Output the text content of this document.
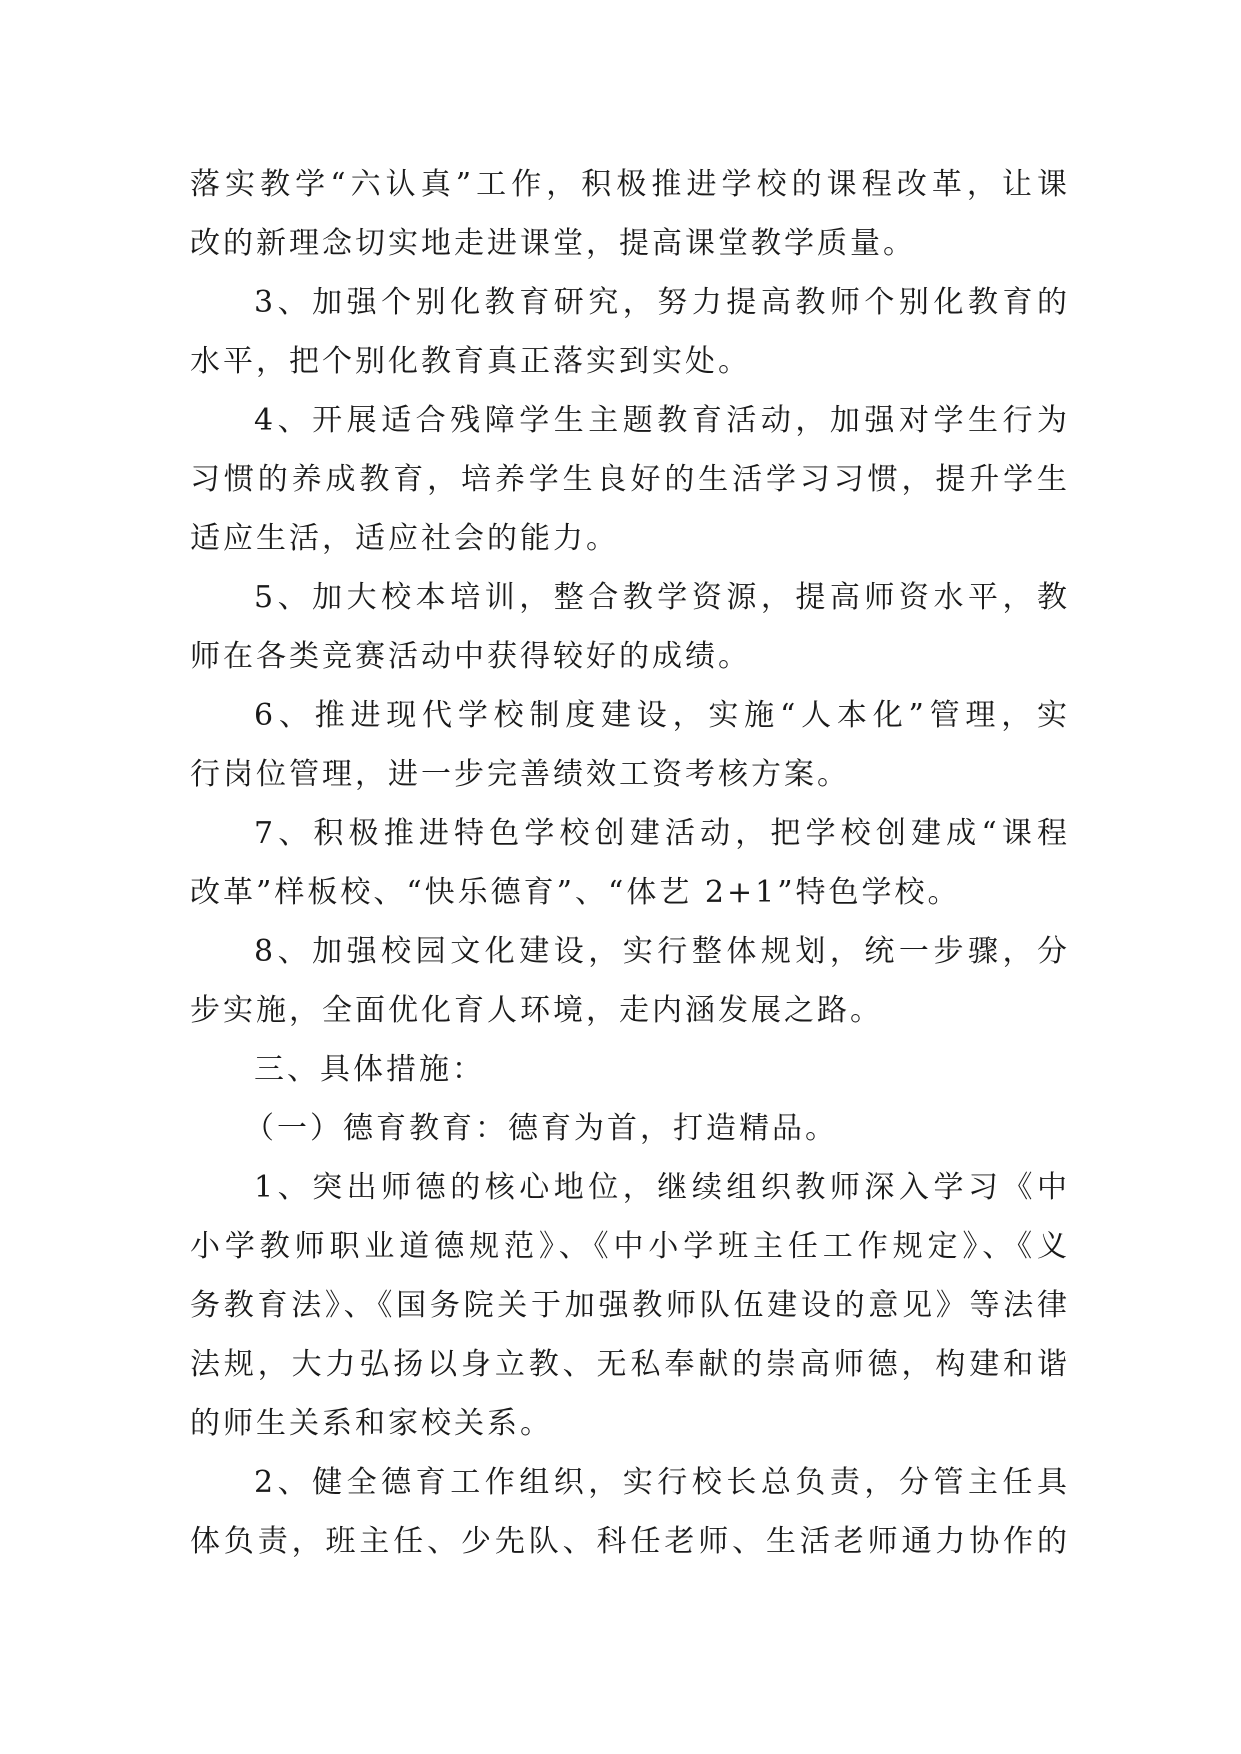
落实教学“六认真”工作，积极推进学校的课程改革，让课
改的新理念切实地走进课堂，提高课堂教学质量。
3、加强个别化教育研究，努力提高教师个别化教育的
水平，把个别化教育真正落实到实处。
4、开展适合残障学生主题教育活动，加强对学生行为
习惯的养成教育，培养学生良好的生活学习习惯，提升学生
适应生活，适应社会的能力。
5、加大校本培训，整合教学资源，提高师资水平，教
师在各类竞赛活动中获得较好的成绩。
6、推进现代学校制度建设，实施“人本化”管理，实
行岗位管理，进一步完善绩效工资考核方案。
7、积极推进特色学校创建活动，把学校创建成“课程
改革”样板校、“快乐德育”、“体艺 2+1”特色学校。
8、加强校园文化建设，实行整体规划，统一步骤，分
步实施，全面优化育人环境，走内涵发展之路。
三、具体措施：
（一）德育教育：德育为首，打造精品。
1、突出师德的核心地位，继续组织教师深入学习《中
小学教师职业道德规范》、《中小学班主任工作规定》、《义
务教育法》、《国务院关于加强教师队伍建设的意见》等法律
法规，大力弘扬以身立教、无私奉献的崇高师德，构建和谐
的师生关系和家校关系。
2、健全德育工作组织，实行校长总负责，分管主任具
体负责，班主任、少先队、科任老师、生活老师通力协作的
